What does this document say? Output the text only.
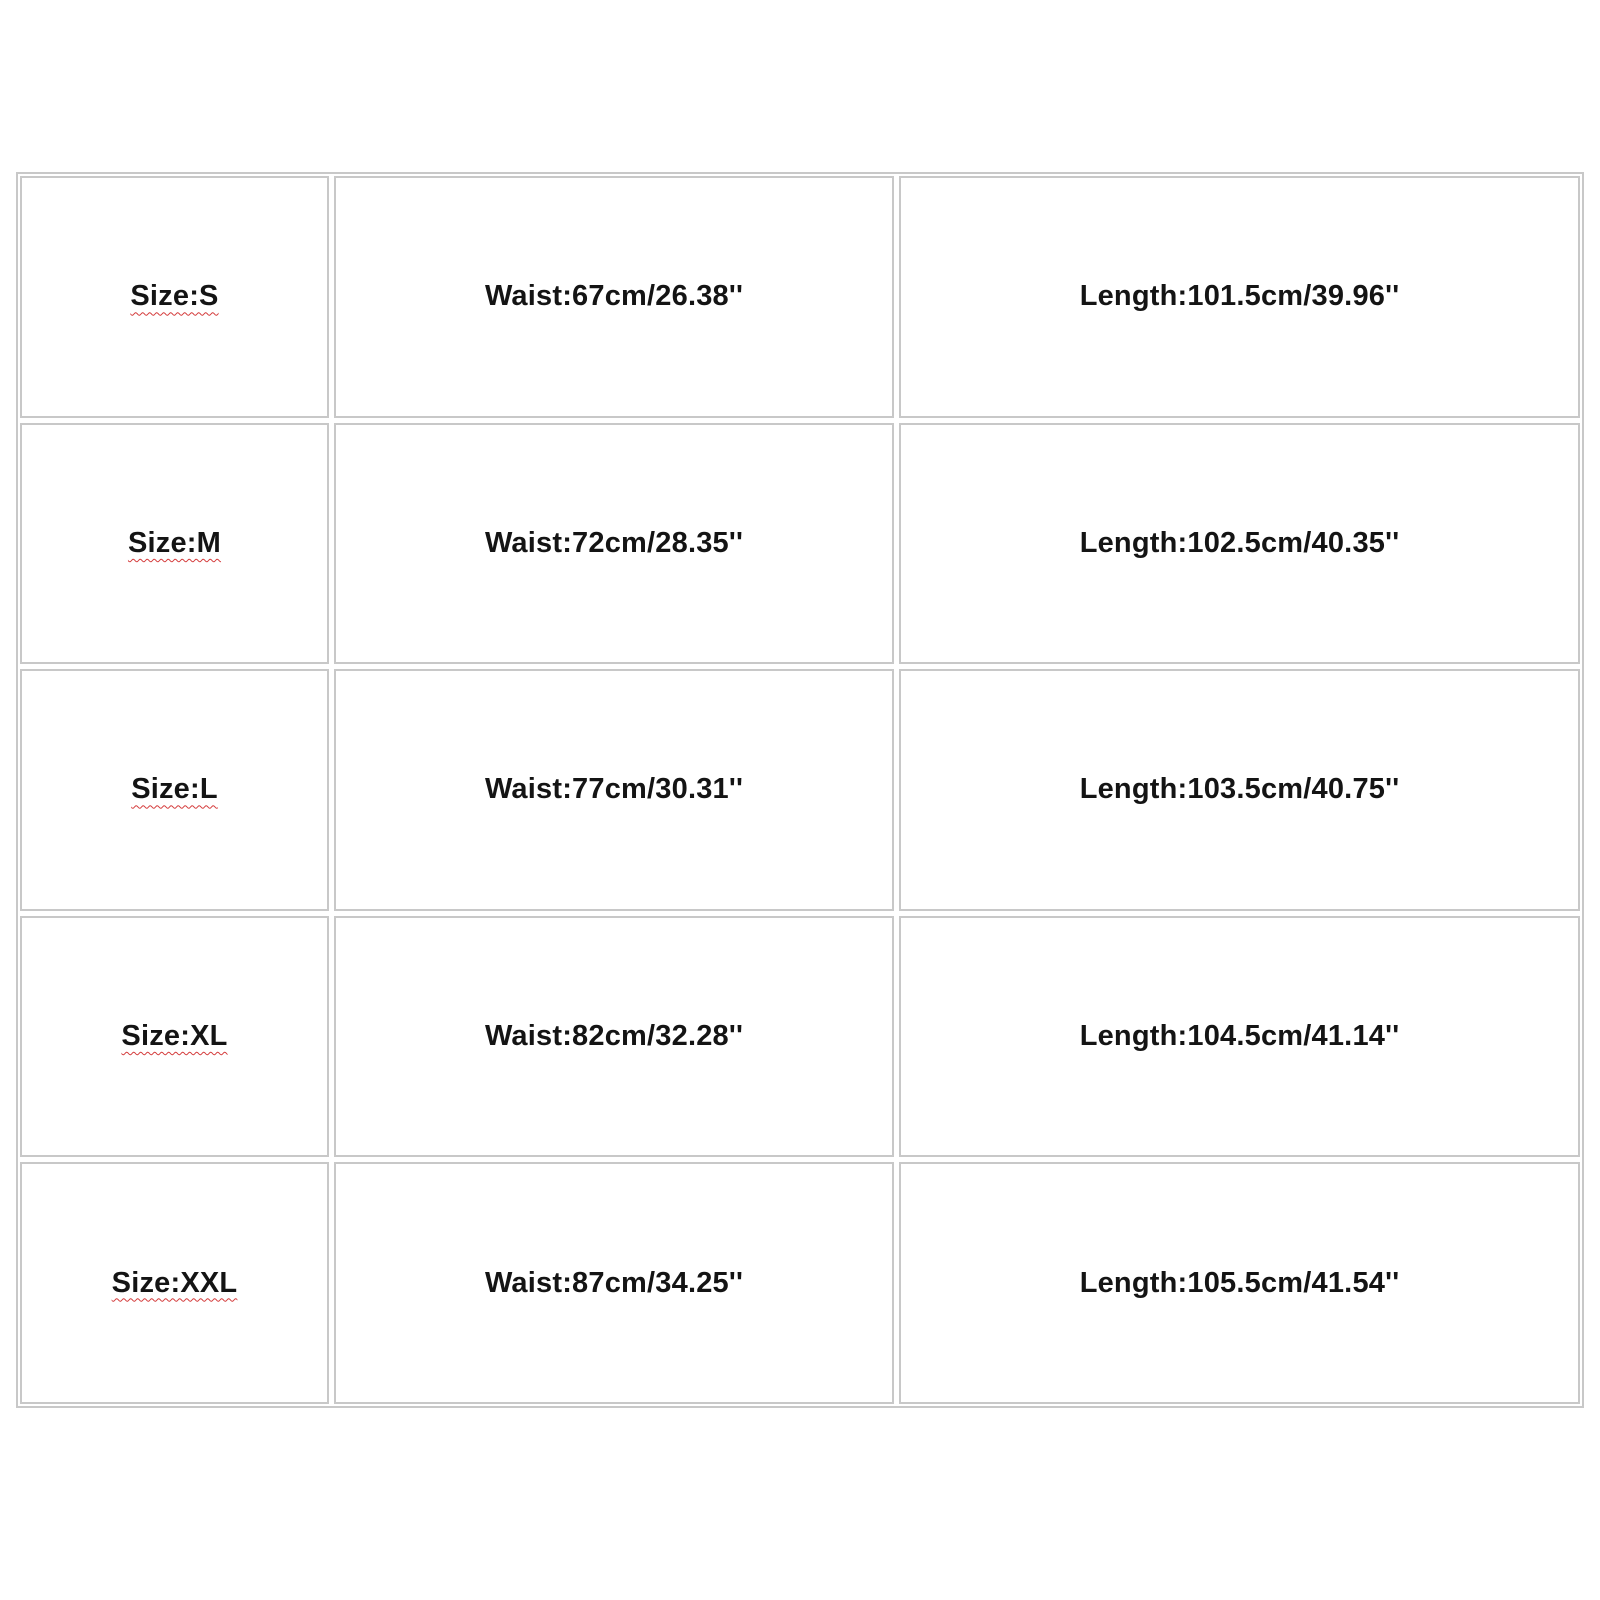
Size:S	Waist:67cm/26.38''	Length:101.5cm/39.96''
Size:M	Waist:72cm/28.35''	Length:102.5cm/40.35''
Size:L	Waist:77cm/30.31''	Length:103.5cm/40.75''
Size:XL	Waist:82cm/32.28''	Length:104.5cm/41.14''
Size:XXL	Waist:87cm/34.25''	Length:105.5cm/41.54''
